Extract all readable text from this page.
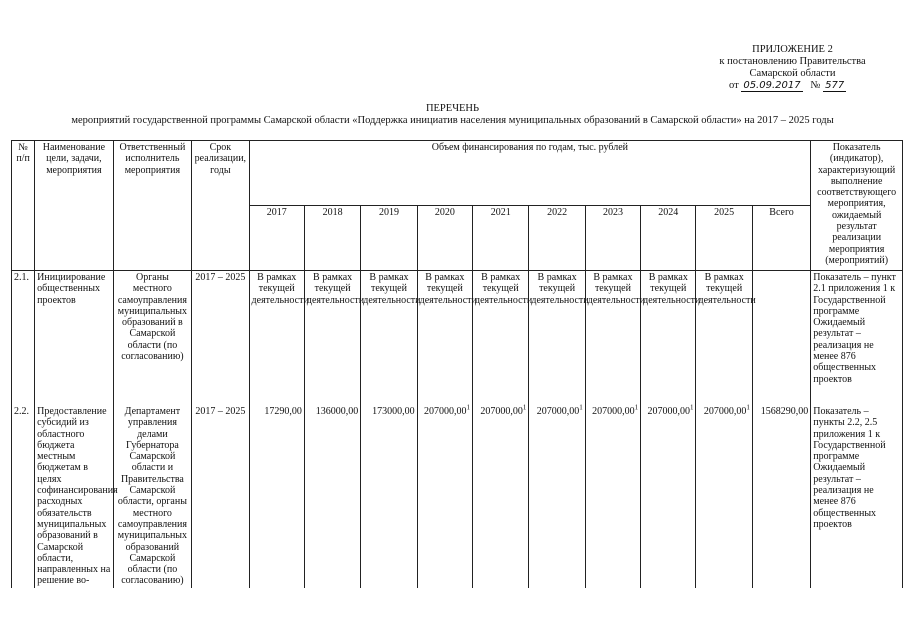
ПРИЛОЖЕНИЕ 2
к постановлению Правительства
Самарской области
от 05.09.2017 № 577
ПЕРЕЧЕНЬ
мероприятий государственной программы Самарской области «Поддержка инициатив населения муниципальных образований в Самарской области» на 2017 – 2025 годы
№ п/п	Наименование цели, задачи, мероприятия	Ответственный исполнитель мероприятия	Срок реализации, годы	Объем финансирования по годам, тыс. рублей										Показатель (индикатор), характеризующий выполнение соответствующего мероприятия, ожидаемый результат реализации мероприятия (мероприятий)
				2017	2018	2019	2020	2021	2022	2023	2024	2025	Всего	
2.1.	Инициирование общественных проектов	Органы местного самоуправления муниципальных образований в Самарской области (по согласованию)	2017 – 2025	В рамках текущей деятельности	В рамках текущей деятельности	В рамках текущей деятельности	В рамках текущей деятельности	В рамках текущей деятельности	В рамках текущей деятельности	В рамках текущей деятельности	В рамках текущей деятельности	В рамках текущей деятельности		Показатель – пункт 2.1 приложения 1 к Государственной программе Ожидаемый результат – реализация не менее 876 общественных проектов
2.2.	Предоставление субсидий из областного бюджета местным бюджетам в целях софинансирования расходных обязательств муниципальных образований в Самарской области, направленных на решение во-	Департамент управления делами Губернатора Самарской области и Правительства Самарской области, органы местного самоуправления муниципальных образований Самарской области (по согласованию)	2017 – 2025	17290,00	136000,00	173000,00	207000,00$^1$	207000,00$^1$	207000,00$^1$	207000,00$^1$	207000,00$^1$	207000,00$^1$	1568290,00	Показатель – пункты 2.2, 2.5 приложения 1 к Государственной программе Ожидаемый результат – реализация не менее 876 общественных проектов
